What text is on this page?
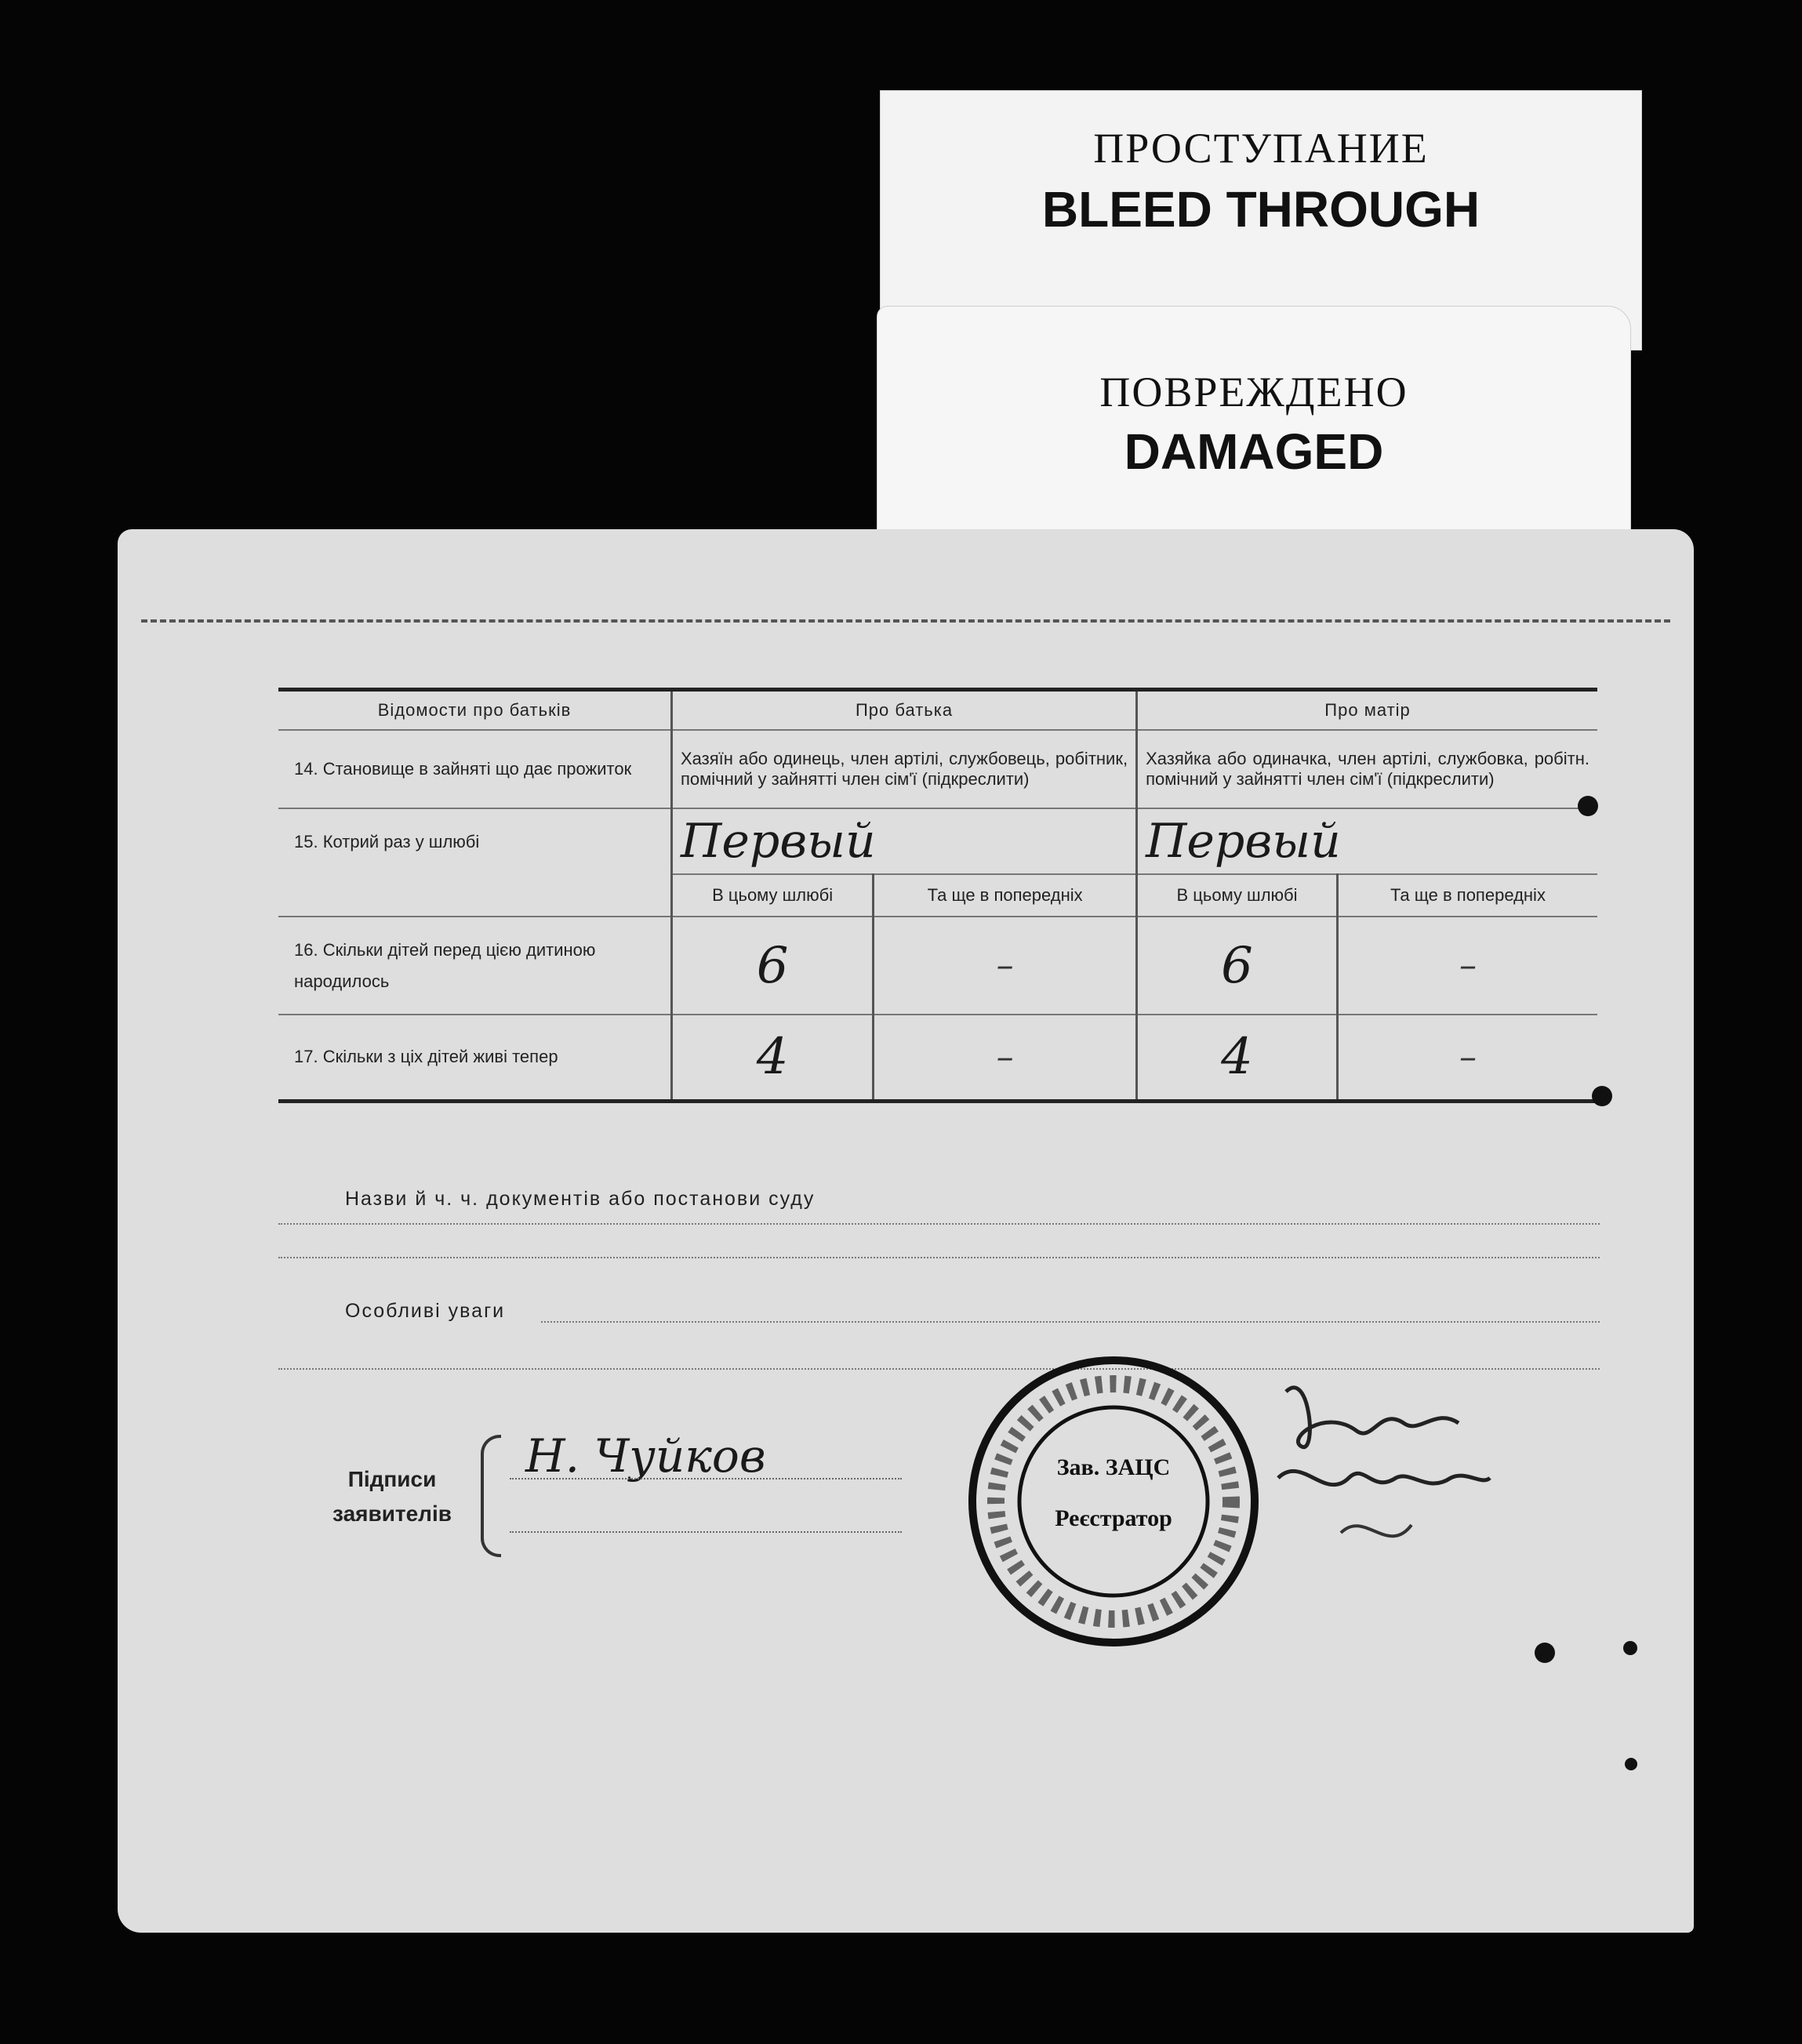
ПРОСТУПАНИЕ
BLEED THROUGH
ПОВРЕЖДЕНО
DAMAGED
Відомости про батьків	Про батька		Про матір	
14. Становище в зайняті що дає прожиток	Хазяїн або одинець, член артілі, службовець, робітник, помічний у зайнятті член сім'ї (підкреслити)		Хазяйка або одиначка, член артілі, службовка, робітн. помічний у зайнятті член сім'ї (підкреслити)	
15. Котрий раз у шлюбі	Первый		Первый	
	В цьому шлюбі	Та ще в попередніх	В цьому шлюбі	Та ще в попередніх
16. Скільки дітей перед цією дитиною народилось	6	–	6	–
17. Скільки з ціх дітей живі тепер	4	–	4	–
Назви й ч. ч. документів або постанови суду
Особливі уваги
Підписи заявителів
Н. Чуйков	Зав. ЗАЦС
Реєстратор
